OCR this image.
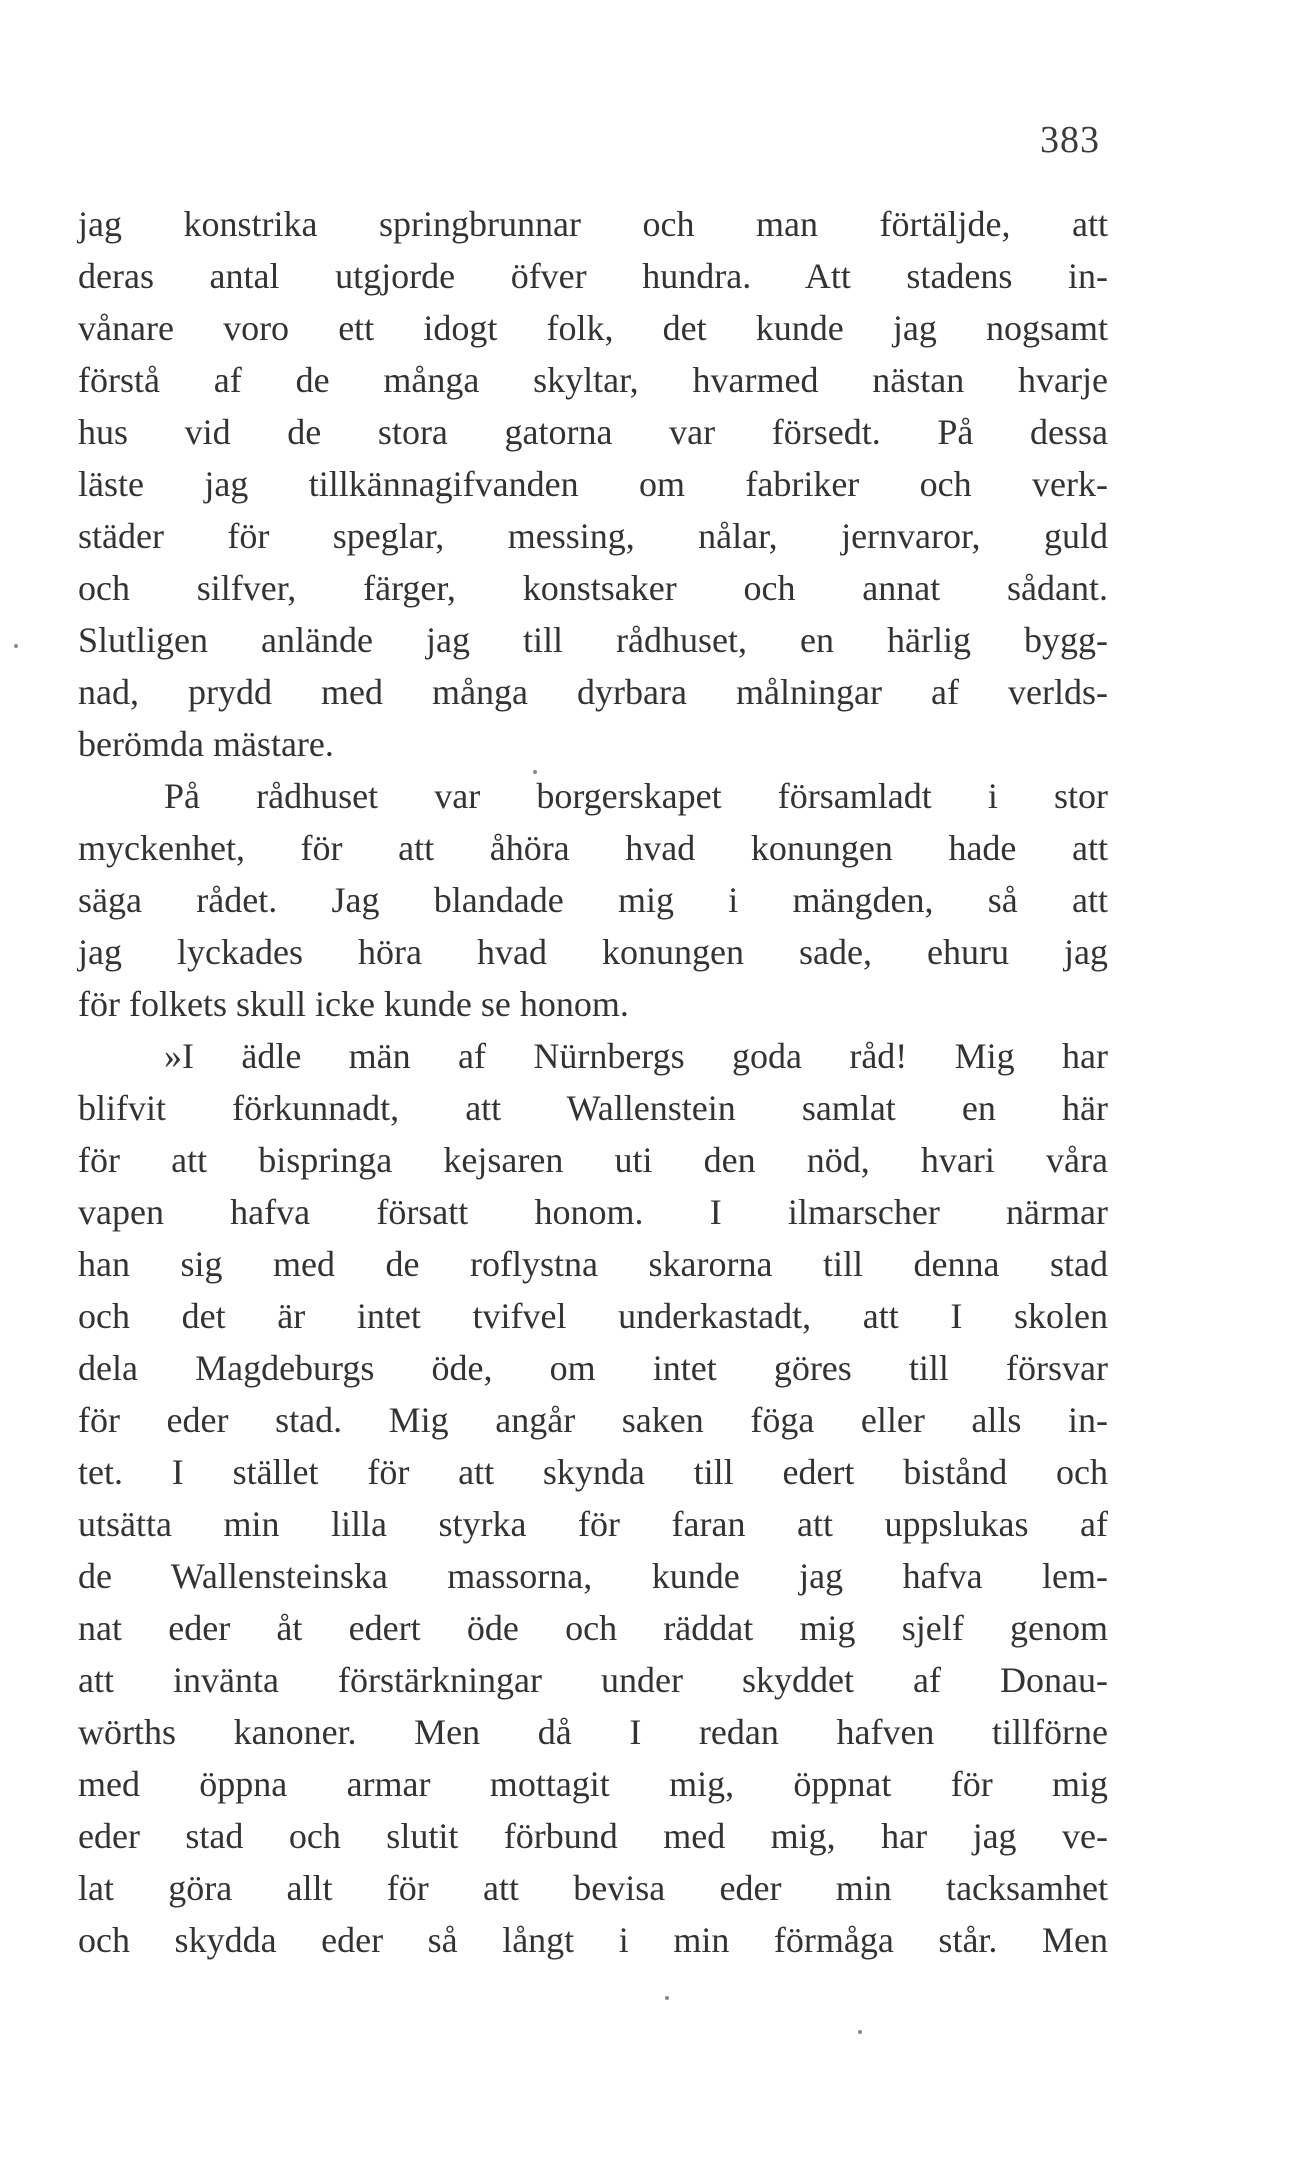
383
jag konstrika springbrunnar och man förtäljde, att
deras antal utgjorde öfver hundra. Att stadens in-
vånare voro ett idogt folk, det kunde jag nogsamt
förstå af de många skyltar, hvarmed nästan hvarje
hus vid de stora gatorna var försedt. På dessa
läste jag tillkännagifvanden om fabriker och verk-
städer för speglar, messing, nålar, jernvaror, guld
och silfver, färger, konstsaker och annat sådant.
Slutligen anlände jag till rådhuset, en härlig bygg-
nad, prydd med många dyrbara målningar af verlds-
berömda mästare.
På rådhuset var borgerskapet församladt i stor
myckenhet, för att åhöra hvad konungen hade att
säga rådet. Jag blandade mig i mängden, så att
jag lyckades höra hvad konungen sade, ehuru jag
för folkets skull icke kunde se honom.
»I ädle män af Nürnbergs goda råd! Mig har
blifvit förkunnadt, att Wallenstein samlat en här
för att bispringa kejsaren uti den nöd, hvari våra
vapen hafva försatt honom. I ilmarscher närmar
han sig med de roflystna skarorna till denna stad
och det är intet tvifvel underkastadt, att I skolen
dela Magdeburgs öde, om intet göres till försvar
för eder stad. Mig angår saken föga eller alls in-
tet. I stället för att skynda till edert bistånd och
utsätta min lilla styrka för faran att uppslukas af
de Wallensteinska massorna, kunde jag hafva lem-
nat eder åt edert öde och räddat mig sjelf genom
att invänta förstärkningar under skyddet af Donau-
wörths kanoner. Men då I redan hafven tillförne
med öppna armar mottagit mig, öppnat för mig
eder stad och slutit förbund med mig, har jag ve-
lat göra allt för att bevisa eder min tacksamhet
och skydda eder så långt i min förmåga står. Men
